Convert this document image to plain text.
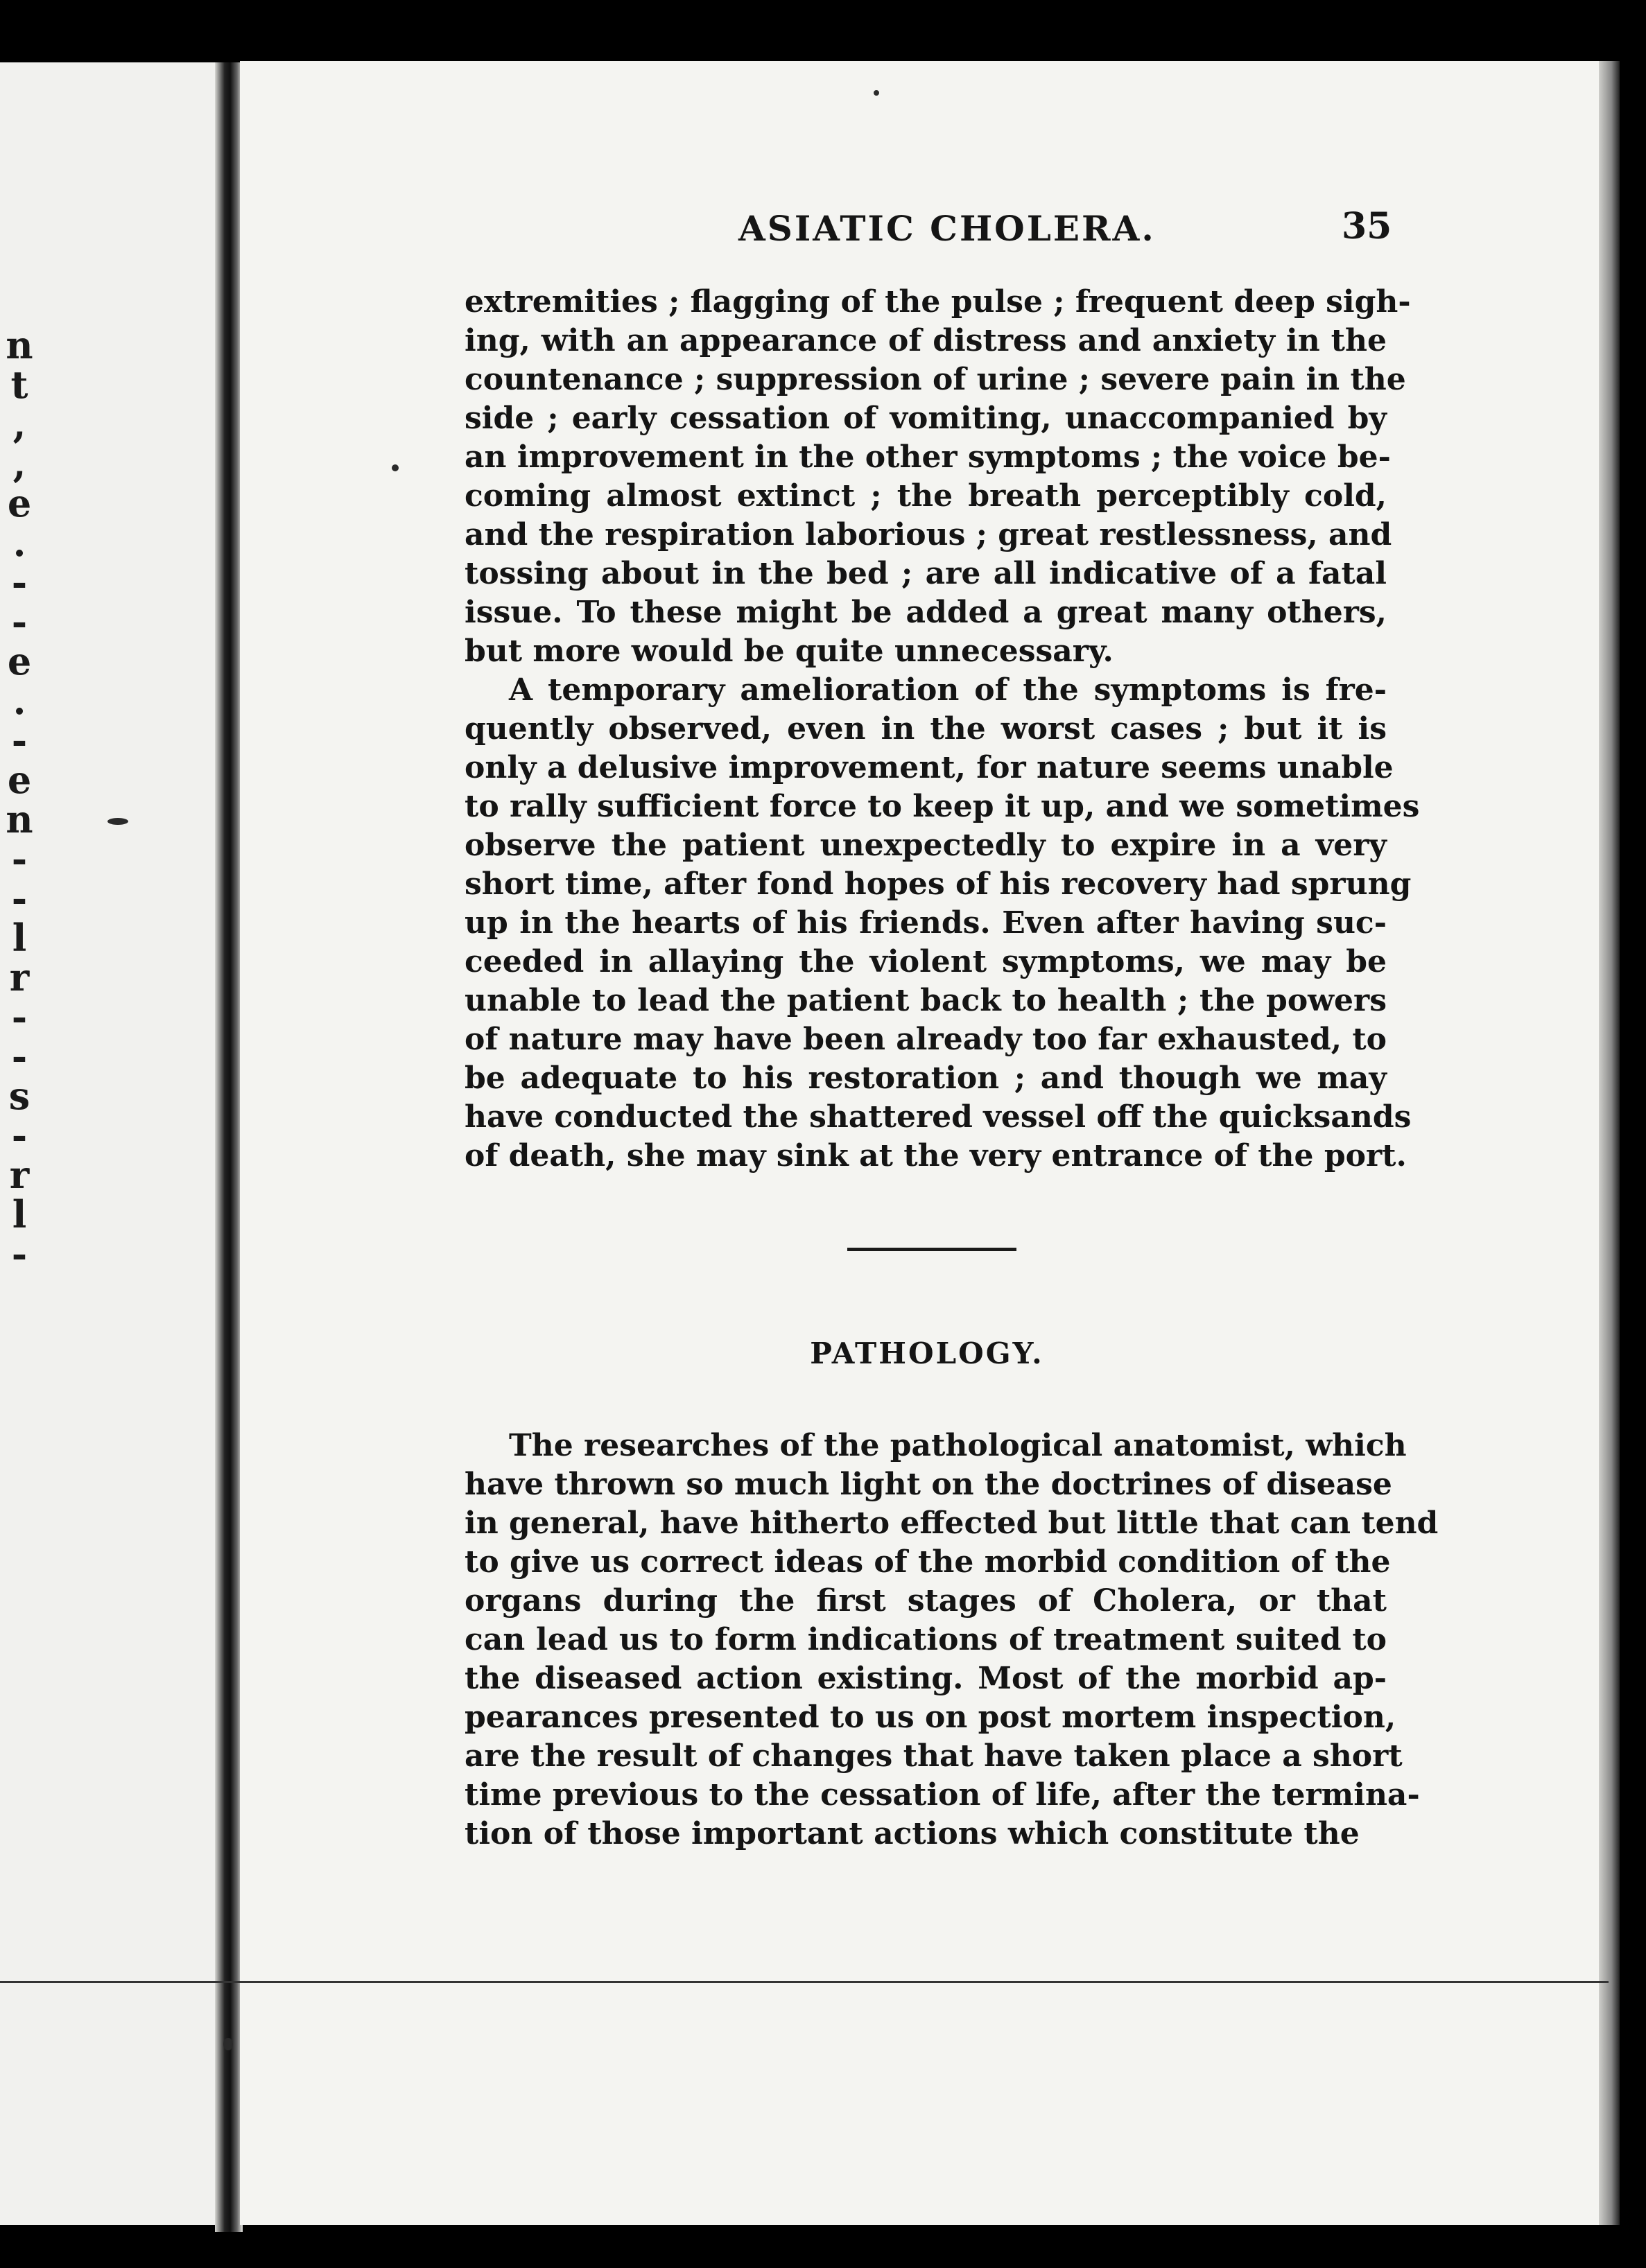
n
t
,
,
e
.
-
-
e
.
-
e
n
-
-
l
r
-
-
s
-
r
l
-
ASIATIC CHOLERA.	35
extremities ; flagging of the pulse ; frequent deep sigh-
ing, with an appearance of distress and anxiety in the
countenance ; suppression of urine ; severe pain in the
side ; early cessation of vomiting, unaccompanied by
an improvement in the other symptoms ; the voice be-
coming almost extinct ; the breath perceptibly cold,
and the respiration laborious ; great restlessness, and
tossing about in the bed ; are all indicative of a fatal
issue. To these might be added a great many others,
but more would be quite unnecessary.
A temporary amelioration of the symptoms is fre-
quently observed, even in the worst cases ; but it is
only a delusive improvement, for nature seems unable
to rally sufficient force to keep it up, and we sometimes
observe the patient unexpectedly to expire in a very
short time, after fond hopes of his recovery had sprung
up in the hearts of his friends. Even after having suc-
ceeded in allaying the violent symptoms, we may be
unable to lead the patient back to health ; the powers
of nature may have been already too far exhausted, to
be adequate to his restoration ; and though we may
have conducted the shattered vessel off the quicksands
of death, she may sink at the very entrance of the port.
PATHOLOGY.
The researches of the pathological anatomist, which
have thrown so much light on the doctrines of disease
in general, have hitherto effected but little that can tend
to give us correct ideas of the morbid condition of the
organs during the first stages of Cholera, or that
can lead us to form indications of treatment suited to
the diseased action existing. Most of the morbid ap-
pearances presented to us on post mortem inspection,
are the result of changes that have taken place a short
time previous to the cessation of life, after the termina-
tion of those important actions which constitute the
